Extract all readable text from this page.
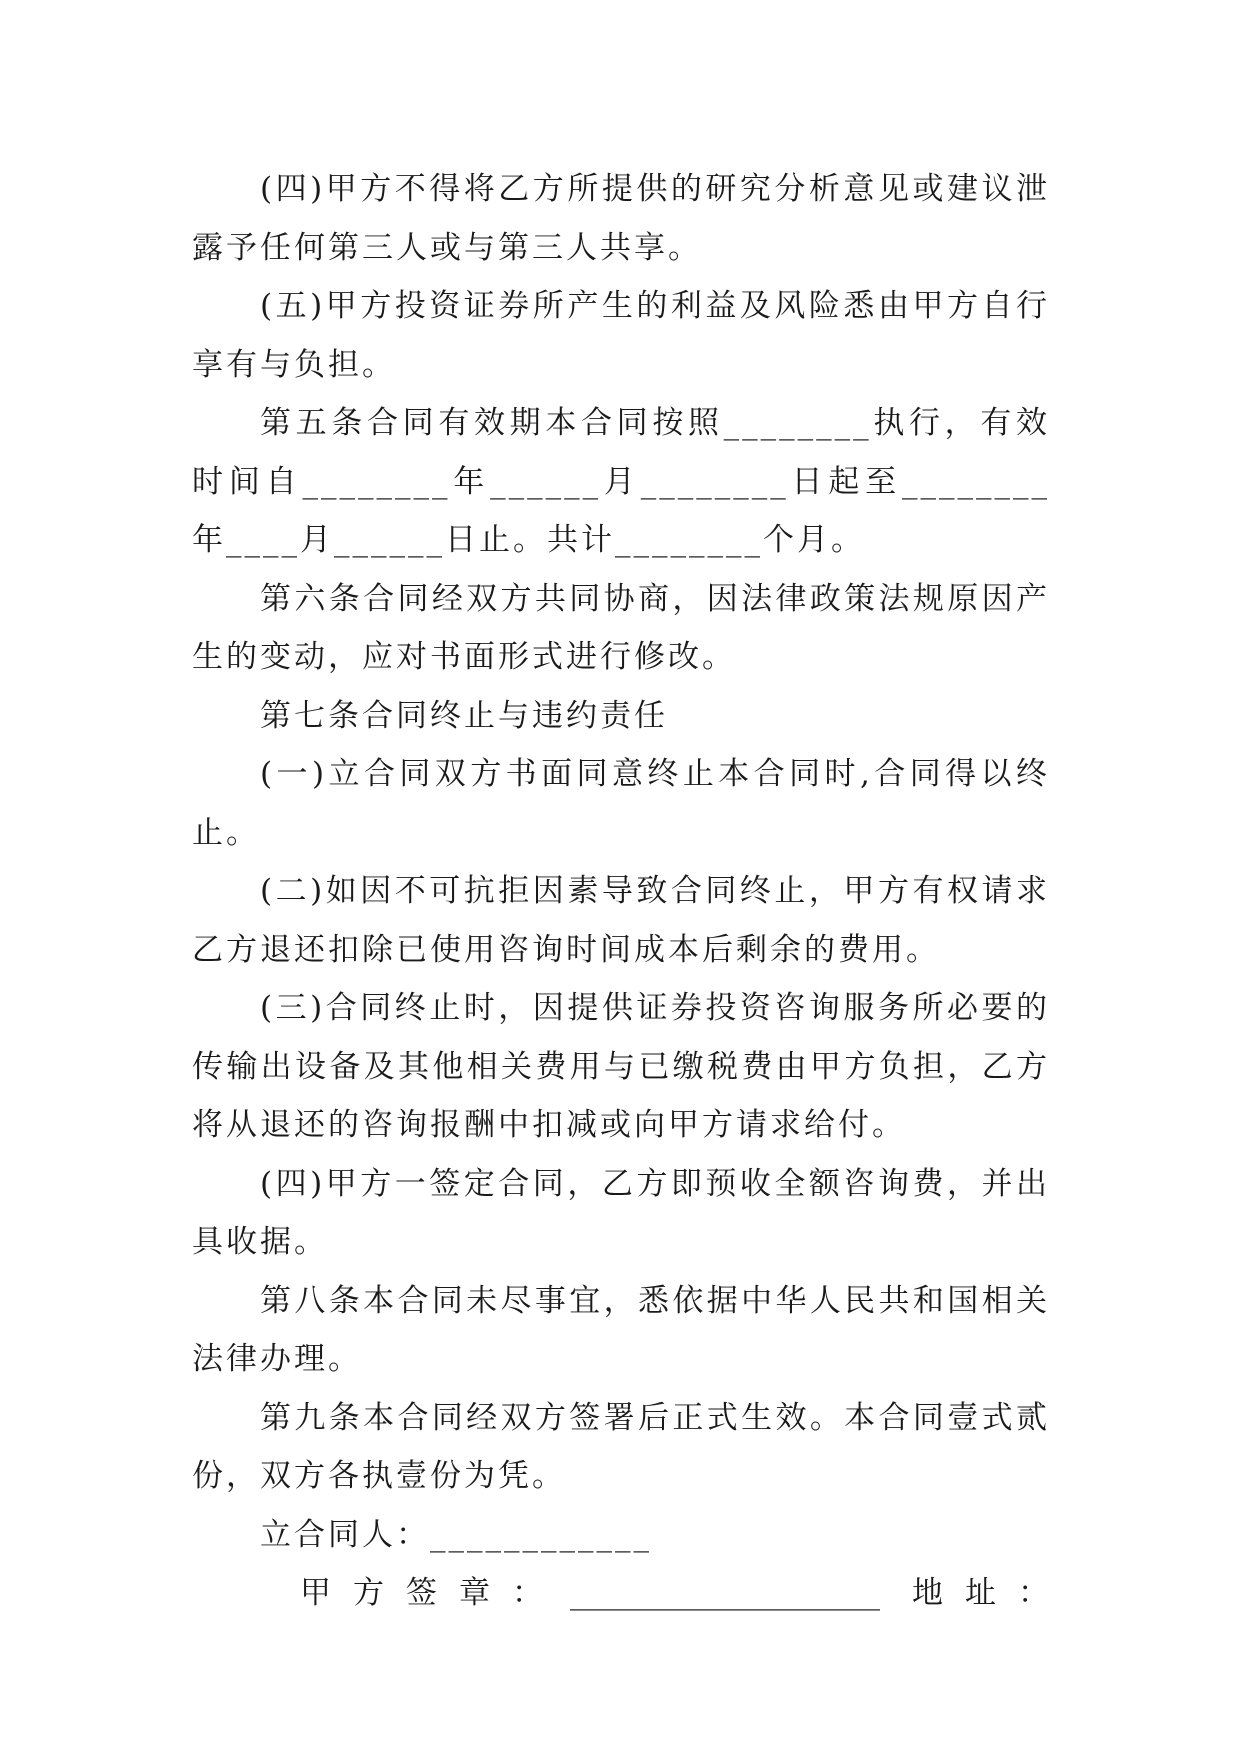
(四)甲方不得将乙方所提供的研究分析意见或建议泄露予任何第三人或与第三人共享。

(五)甲方投资证券所产生的利益及风险悉由甲方自行享有与负担。

第五条合同有效期本合同按照________执行，有效时间自________年______月________日起至________年____月______日止。共计________个月。

第六条合同经双方共同协商，因法律政策法规原因产生的变动，应对书面形式进行修改。

第七条合同终止与违约责任

(一)立合同双方书面同意终止本合同时,合同得以终止。

(二)如因不可抗拒因素导致合同终止，甲方有权请求乙方退还扣除已使用咨询时间成本后剩余的费用。

(三)合同终止时，因提供证券投资咨询服务所必要的传输出设备及其他相关费用与已缴税费由甲方负担，乙方将从退还的咨询报酬中扣减或向甲方请求给付。

(四)甲方一签定合同，乙方即预收全额咨询费，并出具收据。

第八条本合同未尽事宜，悉依据中华人民共和国相关法律办理。

第九条本合同经双方签署后正式生效。本合同壹式贰份，双方各执壹份为凭。

立合同人：____________

甲方签章： ____________________ 地址：
